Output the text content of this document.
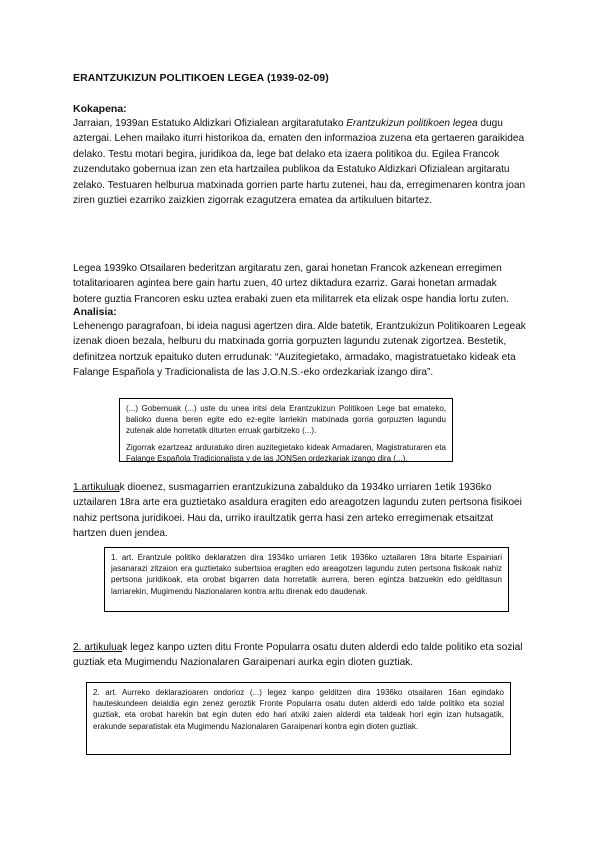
ERANTZUKIZUN POLITIKOEN LEGEA (1939-02-09)
Kokapena:
Jarraian, 1939an Estatuko Aldizkari Ofizialean argitaratutako Erantzukizun politikoen legea dugu aztergai. Lehen mailako iturri historikoa da, ematen den informazioa zuzena eta gertaeren garaikidea delako. Testu motari begira, juridikoa da, lege bat delako eta izaera politikoa du. Egilea Francok zuzendutako gobernua izan zen eta hartzailea publikoa da Estatuko Aldizkari Ofizialean argitaratu zelako. Testuaren helburua matxinada gorrien parte hartu zutenei, hau da, erregimenaren kontra joan ziren guztiei ezarriko zaizkien zigorrak ezagutzera ematea da artikuluen bitartez.
Legea 1939ko Otsailaren bederitzan argitaratu zen, garai honetan Francok azkenean erregimen totalitarioaren agintea bere gain hartu zuen, 40 urtez diktadura ezarriz. Garai honetan armadak botere guztia Francoren esku uztea erabaki zuen eta militarrek eta elizak ospe handia lortu zuten.
Analisia:
Lehenengo paragrafoan, bi ideia nagusi agertzen dira. Alde batetik, Erantzukizun Politikoaren Legeak izenak dioen bezala, helburu du matxinada gorria gorpuzten lagundu zutenak zigortzea. Bestetik, definitzea nortzuk epaituko duten errudunak: “Auzitegietako, armadako, magistratuetako kideak eta Falange Española y Tradicionalista de las J.O.N.S.-eko ordezkariak izango dira”.

(...) Gobernuak (...) uste du unea iritsi dela Erantzukizun Politikoen Lege bat emateko, balioko duena beren egite edo ez-egite larriekin matxinada gorria gorpuzten lagundu zutenak alde horretatik diturten erruak garbitzeko (...).

Zigorrak ezartzeaz arduratuko diren auzitegietako kideak Armadaren, Magistraturaren eta Falange Española Tradicionalista y de las JONSen ordezkariak izango dira (...).

1.artikuluak dioenez, susmagarrien erantzukizuna zabalduko da 1934ko urriaren 1etik 1936ko uztailaren 18ra arte era guztietako asaldura eragiten edo areagotzen lagundu zuten pertsona fisikoei nahiz pertsona juridikoei. Hau da, urriko iraultzatik gerra hasi zen arteko erregimenak etsaitzat hartzen duen jendea.

1. art. Erantzule politiko deklaratzen dira 1934ko urriaren 1etik 1936ko uztailaren 18ra bitarte Espainiari jasanarazi zitzaion era guztietako subertsioa eragiten edo areagotzen lagundu zuten pertsona fisikoak nahiz pertsona juridikoak, eta orobat bigarren data horretatik aurrera, beren egintza batzuekin edo gelditasun larriarekin, Mugimendu Nazionalaren kontra aritu direnak edo daudenak.

2. artikuluak legez kanpo uzten ditu Fronte Popularra osatu duten alderdi edo talde politiko eta sozial guztiak eta Mugimendu Nazionalaren Garaipenari aurka egin dioten guztiak.

2. art. Aurreko deklarazioaren ondorioz (...) legez kanpo gelditzen dira 1936ko otsailaren 16an egindako hauteskundeen deialdia egin zenez geroztik Fronte Popularra osatu duten alderdi edo talde politiko eta sozial guztiak, eta orobat harekin bat egin duten edo hari atxiki zaien alderdi eta taldeak hori egin izan hutsagatik, erakunde separatistak eta Mugimendu Nazionalaren Garaipenari kontra egin dioten guztiak.
